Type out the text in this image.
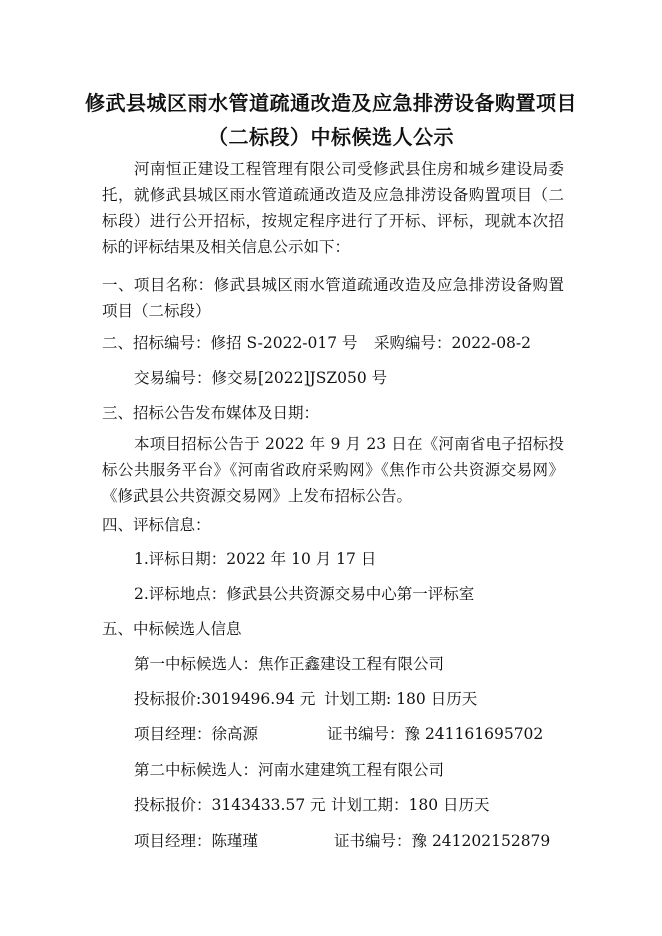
修武县城区雨水管道疏通改造及应急排涝设备购置项目
（二标段）中标候选人公示
河南恒正建设工程管理有限公司受修武县住房和城乡建设局委托，就修武县城区雨水管道疏通改造及应急排涝设备购置项目（二标段）进行公开招标，按规定程序进行了开标、评标，现就本次招标的评标结果及相关信息公示如下：
一、项目名称：修武县城区雨水管道疏通改造及应急排涝设备购置项目（二标段）
二、招标编号：修招 S-2022-017 号 采购编号：2022-08-2
交易编号：修交易[2022]JSZ050 号
三、招标公告发布媒体及日期：
本项目招标公告于 2022 年 9 月 23 日在《河南省电子招标投标公共服务平台》《河南省政府采购网》《焦作市公共资源交易网》《修武县公共资源交易网》上发布招标公告。
四、评标信息：
1.评标日期：2022 年 10 月 17 日
2.评标地点：修武县公共资源交易中心第一评标室
五、中标候选人信息
第一中标候选人：焦作正鑫建设工程有限公司
投标报价:3019496.94 元 计划工期: 180 日历天
项目经理：徐高源	证书编号：豫 241161695702
第二中标候选人：河南水建建筑工程有限公司
投标报价：3143433.57 元 计划工期：180 日历天
项目经理：陈瑾瑾	证书编号：豫 241202152879
